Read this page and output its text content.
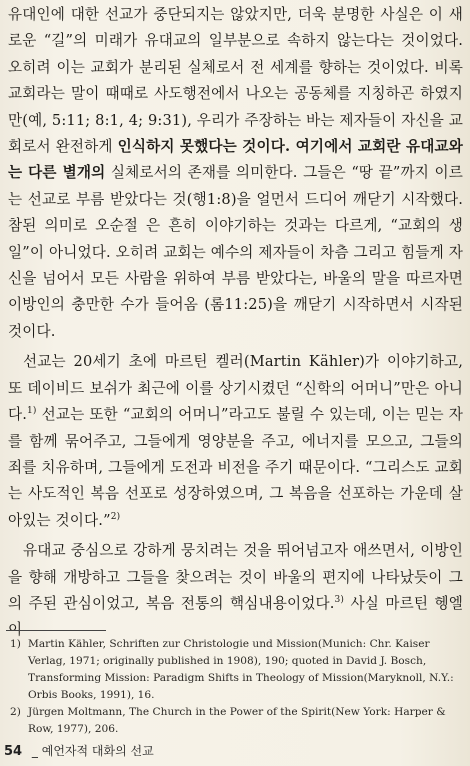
유대인에 대한 선교가 중단되지는 않았지만, 더욱 분명한 사실은 이 새로운 “길”의 미래가 유대교의 일부분으로 속하지 않는다는 것이었다. 오히려 이는 교회가 분리된 실체로서 전 세계를 향하는 것이었다. 비록 교회라는 말이 때때로 사도행전에서 나오는 공동체를 지칭하곤 하였지만(예, 5:11; 8:1, 4; 9:31), 우리가 주장하는 바는 제자들이 자신을 교회로서 완전하게 인식하지 못했다는 것이다. 여기에서 교회란 유대교와는 다른 별개의 실체로서의 존재를 의미한다. 그들은 “땅 끝”까지 이르는 선교로 부름 받았다는 것(행1:8)을 얼먼서 드디어 깨닫기 시작했다. 참된 의미로 오순절 은 흔히 이야기하는 것과는 다르게, “교회의 생일”이 아니었다. 오히려 교회는 예수의 제자들이 차츰 그리고 힘들게 자신을 넘어서 모든 사람을 위하여 부름 받았다는, 바울의 말을 따르자면 이방인의 충만한 수가 들어옴 (롬11:25)을 깨닫기 시작하면서 시작된 것이다.

선교는 20세기 초에 마르틴 켈러(Martin Kähler)가 이야기하고, 또 데이비드 보쉬가 최근에 이를 상기시켰던 “신학의 어머니”만은 아니다.$^{1)}$ 선교는 또한 “교회의 어머니”라고도 불릴 수 있는데, 이는 믿는 자를 함께 묶어주고, 그들에게 영양분을 주고, 에너지를 모으고, 그들의 죄를 치유하며, 그들에게 도전과 비전을 주기 때문이다. “그리스도 교회는 사도적인 복음 선포로 성장하였으며, 그 복음을 선포하는 가운데 살아있는 것이다.”$^{2)}$

유대교 중심으로 강하게 뭉치려는 것을 뛰어넘고자 애쓰면서, 이방인을 향해 개방하고 그들을 찾으려는 것이 바울의 편지에 나타났듯이 그의 주된 관심이었고, 복음 전통의 핵심내용이었다.$^{3)}$ 사실 마르틴 헹엘이

1) Martin Kähler, Schriften zur Christologie und Mission(Munich: Chr. Kaiser Verlag, 1971; originally published in 1908), 190; quoted in David J. Bosch, Transforming Mission: Paradigm Shifts in Theology of Mission(Maryknoll, N.Y.: Orbis Books, 1991), 16.
2) Jürgen Moltmann, The Church in the Power of the Spirit(New York: Harper & Row, 1977), 206.
54 _ 예언자적 대화의 선교
